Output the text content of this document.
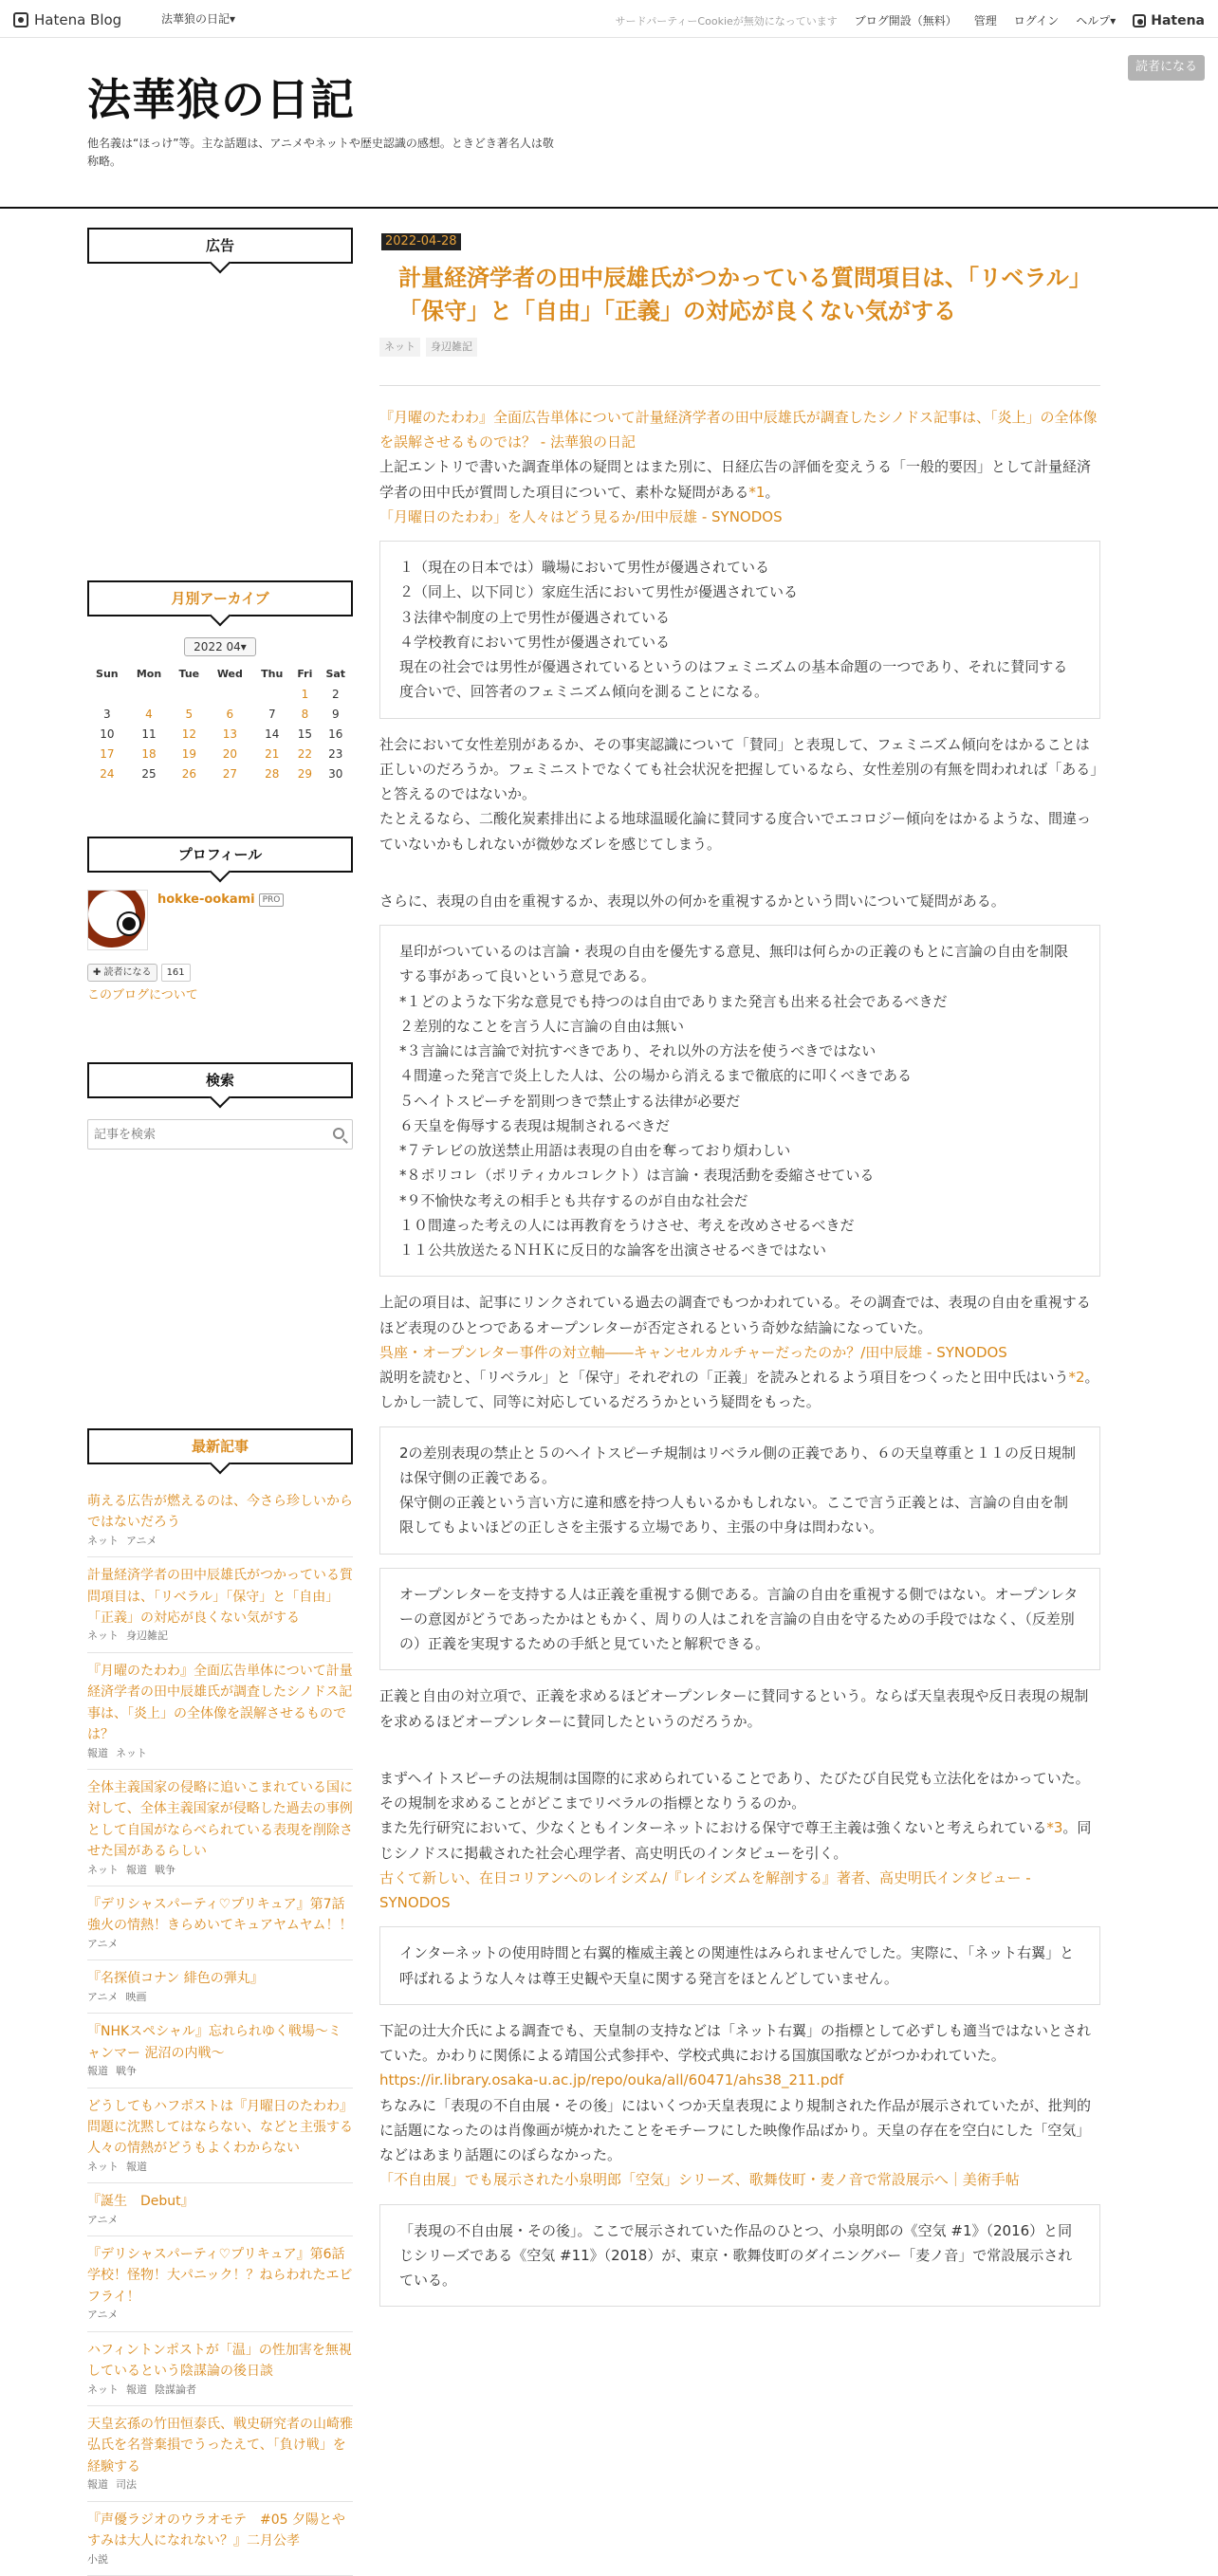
Hatena Blog	法華狼の日記▾	サードパーティーCookieが無効になっています ブログ開設（無料） 管理 ログイン ヘルプ▾	Hatena
法華狼の日記
他名義は“ほっけ”等。主な話題は、アニメやネットや歴史認識の感想。ときどき著名人は敬称略。
読者になる
広告
月別アーカイブ
2022 04▾
Sun	Mon	Tue	Wed	Thu	Fri	Sat
					1	2
3	4	5	6	7	8	9
10	11	12	13	14	15	16
17	18	19	20	21	22	23
24	25	26	27	28	29	30
プロフィール
hokke-ookami PRO
✚ 読者になる	161
このブログについて
検索
記事を検索
最新記事
萌える広告が燃えるのは、今さら珍しいからではないだろう
ネット アニメ
計量経済学者の田中辰雄氏がつかっている質問項目は、「リベラル」「保守」と「自由」「正義」の対応が良くない気がする
ネット 身辺雑記
『月曜のたわわ』全面広告単体について計量経済学者の田中辰雄氏が調査したシノドス記事は、「炎上」の全体像を誤解させるものでは？
報道 ネット
全体主義国家の侵略に追いこまれている国に対して、全体主義国家が侵略した過去の事例として自国がならべられている表現を削除させた国があるらしい
ネット 報道 戦争
『デリシャスパーティ♡プリキュア』第7話　強火の情熱！きらめいてキュアヤムヤム！！
アニメ
『名探偵コナン 緋色の弾丸』
アニメ 映画
『NHKスペシャル』忘れられゆく戦場〜ミャンマー 泥沼の内戦〜
報道 戦争
どうしてもハフポストは『月曜日のたわわ』問題に沈黙してはならない、などと主張する人々の情熱がどうもよくわからない
ネット 報道
『誕生　Debut』
アニメ
『デリシャスパーティ♡プリキュア』第6話　学校！怪物！大パニック！？ねらわれたエビフライ！
アニメ
ハフィントンポストが「温」の性加害を無視しているという陰謀論の後日談
ネット 報道 陰謀論者
天皇玄孫の竹田恒泰氏、戦史研究者の山崎雅弘氏を名誉棄損でうったえて、「負け戦」を経験する
報道 司法
『声優ラジオのウラオモテ　#05 夕陽とやすみは大人になれない？』二月公孝
小説
2022-04-28
計量経済学者の田中辰雄氏がつかっている質問項目は、「リベラル」「保守」と「自由」「正義」の対応が良くない気がする
ネット	身辺雑記

『月曜のたわわ』全面広告単体について計量経済学者の田中辰雄氏が調査したシノドス記事は、「炎上」の全体像を誤解させるものでは？ - 法華狼の日記

上記エントリで書いた調査単体の疑問とはまた別に、日経広告の評価を変えうる「一般的要因」として計量経済学者の田中氏が質問した項目について、素朴な疑問がある*1。

「月曜日のたわわ」を人々はどう見るか/田中辰雄 - SYNODOS

１（現在の日本では）職場において男性が優遇されている

２（同上、以下同じ）家庭生活において男性が優遇されている

３法律や制度の上で男性が優遇されている

４学校教育において男性が優遇されている

現在の社会では男性が優遇されているというのはフェミニズムの基本命題の一つであり、それに賛同する度合いで、回答者のフェミニズム傾向を測ることになる。

社会において女性差別があるか、その事実認識について「賛同」と表現して、フェミニズム傾向をはかることは正しいのだろうか。フェミニストでなくても社会状況を把握しているなら、女性差別の有無を問われれば「ある」と答えるのではないか。

たとえるなら、二酸化炭素排出による地球温暖化論に賛同する度合いでエコロジー傾向をはかるような、間違っていないかもしれないが微妙なズレを感じてしまう。

さらに、表現の自由を重視するか、表現以外の何かを重視するかという問いについて疑問がある。

星印がついているのは言論・表現の自由を優先する意見、無印は何らかの正義のもとに言論の自由を制限する事があって良いという意見である。

*１どのような下劣な意見でも持つのは自由でありまた発言も出来る社会であるべきだ

２差別的なことを言う人に言論の自由は無い

*３言論には言論で対抗すべきであり、それ以外の方法を使うべきではない

４間違った発言で炎上した人は、公の場から消えるまで徹底的に叩くべきである

５ヘイトスピーチを罰則つきで禁止する法律が必要だ

６天皇を侮辱する表現は規制されるべきだ

*７テレビの放送禁止用語は表現の自由を奪っており煩わしい

*８ポリコレ（ポリティカルコレクト）は言論・表現活動を委縮させている

*９不愉快な考えの相手とも共存するのが自由な社会だ

１０間違った考えの人には再教育をうけさせ、考えを改めさせるべきだ

１１公共放送たるＮＨＫに反日的な論客を出演させるべきではない

上記の項目は、記事にリンクされている過去の調査でもつかわれている。その調査では、表現の自由を重視するほど表現のひとつであるオープンレターが否定されるという奇妙な結論になっていた。

呉座・オープンレター事件の対立軸――キャンセルカルチャーだったのか？/田中辰雄 - SYNODOS

説明を読むと、「リベラル」と「保守」それぞれの「正義」を読みとれるよう項目をつくったと田中氏はいう*2。しかし一読して、同等に対応しているだろうかという疑問をもった。

2の差別表現の禁止と５のヘイトスピーチ規制はリベラル側の正義であり、６の天皇尊重と１１の反日規制は保守側の正義である。

保守側の正義という言い方に違和感を持つ人もいるかもしれない。ここで言う正義とは、言論の自由を制限してもよいほどの正しさを主張する立場であり、主張の中身は問わない。

オープンレターを支持する人は正義を重視する側である。言論の自由を重視する側ではない。オープンレターの意図がどうであったかはともかく、周りの人はこれを言論の自由を守るための手段ではなく、（反差別の）正義を実現するための手紙と見ていたと解釈できる。

正義と自由の対立項で、正義を求めるほどオープンレターに賛同するという。ならば天皇表現や反日表現の規制を求めるほどオープンレターに賛同したというのだろうか。

まずヘイトスピーチの法規制は国際的に求められていることであり、たびたび自民党も立法化をはかっていた。その規制を求めることがどこまでリベラルの指標となりうるのか。

また先行研究において、少なくともインターネットにおける保守で尊王主義は強くないと考えられている*3。同じシノドスに掲載された社会心理学者、高史明氏のインタビューを引く。

古くて新しい、在日コリアンへのレイシズム/『レイシズムを解剖する』著者、高史明氏インタビュー - SYNODOS

インターネットの使用時間と右翼的権威主義との関連性はみられませんでした。実際に、「ネット右翼」と呼ばれるような人々は尊王史観や天皇に関する発言をほとんどしていません。

下記の辻大介氏による調査でも、天皇制の支持などは「ネット右翼」の指標として必ずしも適当ではないとされていた。かわりに関係による靖国公式参拝や、学校式典における国旗国歌などがつかわれていた。

https://ir.library.osaka-u.ac.jp/repo/ouka/all/60471/ahs38_211.pdf

ちなみに「表現の不自由展・その後」にはいくつか天皇表現により規制された作品が展示されていたが、批判的に話題になったのは肖像画が焼かれたことをモチーフにした映像作品ばかり。天皇の存在を空白にした「空気」などはあまり話題にのぼらなかった。

「不自由展」でも展示された小泉明郎「空気」シリーズ、歌舞伎町・麦ノ音で常設展示へ｜美術手帖

「表現の不自由展・その後」。ここで展示されていた作品のひとつ、小泉明郎の《空気 #1》（2016）と同じシリーズである《空気 #11》（2018）が、東京・歌舞伎町のダイニングバー「麦ノ音」で常設展示されている。
